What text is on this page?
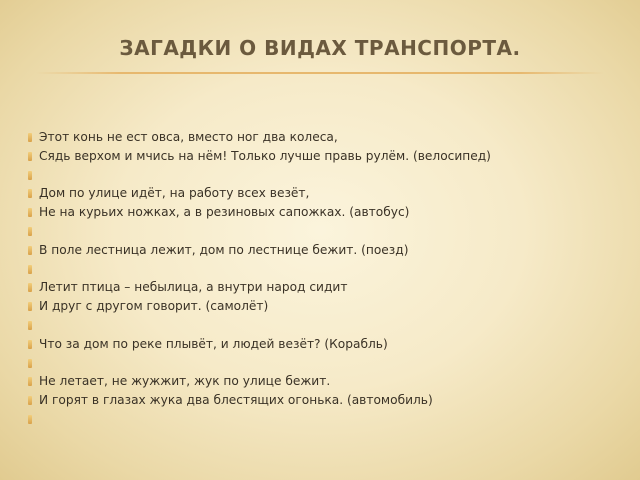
ЗАГАДКИ О ВИДАХ ТРАНСПОРТА.
Этот конь не ест овса, вместо ног два колеса,
Сядь верхом и мчись на нём! Только лучше правь рулём. (велосипед)
Дом по улице идёт, на работу всех везёт,
Не на курьих ножках, а в резиновых сапожках. (автобус)
В поле лестница лежит, дом по лестнице бежит. (поезд)
Летит птица – небылица, а внутри народ сидит
И друг с другом говорит. (самолёт)
Что за дом по реке плывёт, и людей везёт? (Корабль)
Не летает, не жужжит, жук по улице бежит.
И горят в глазах жука два блестящих огонька. (автомобиль)
